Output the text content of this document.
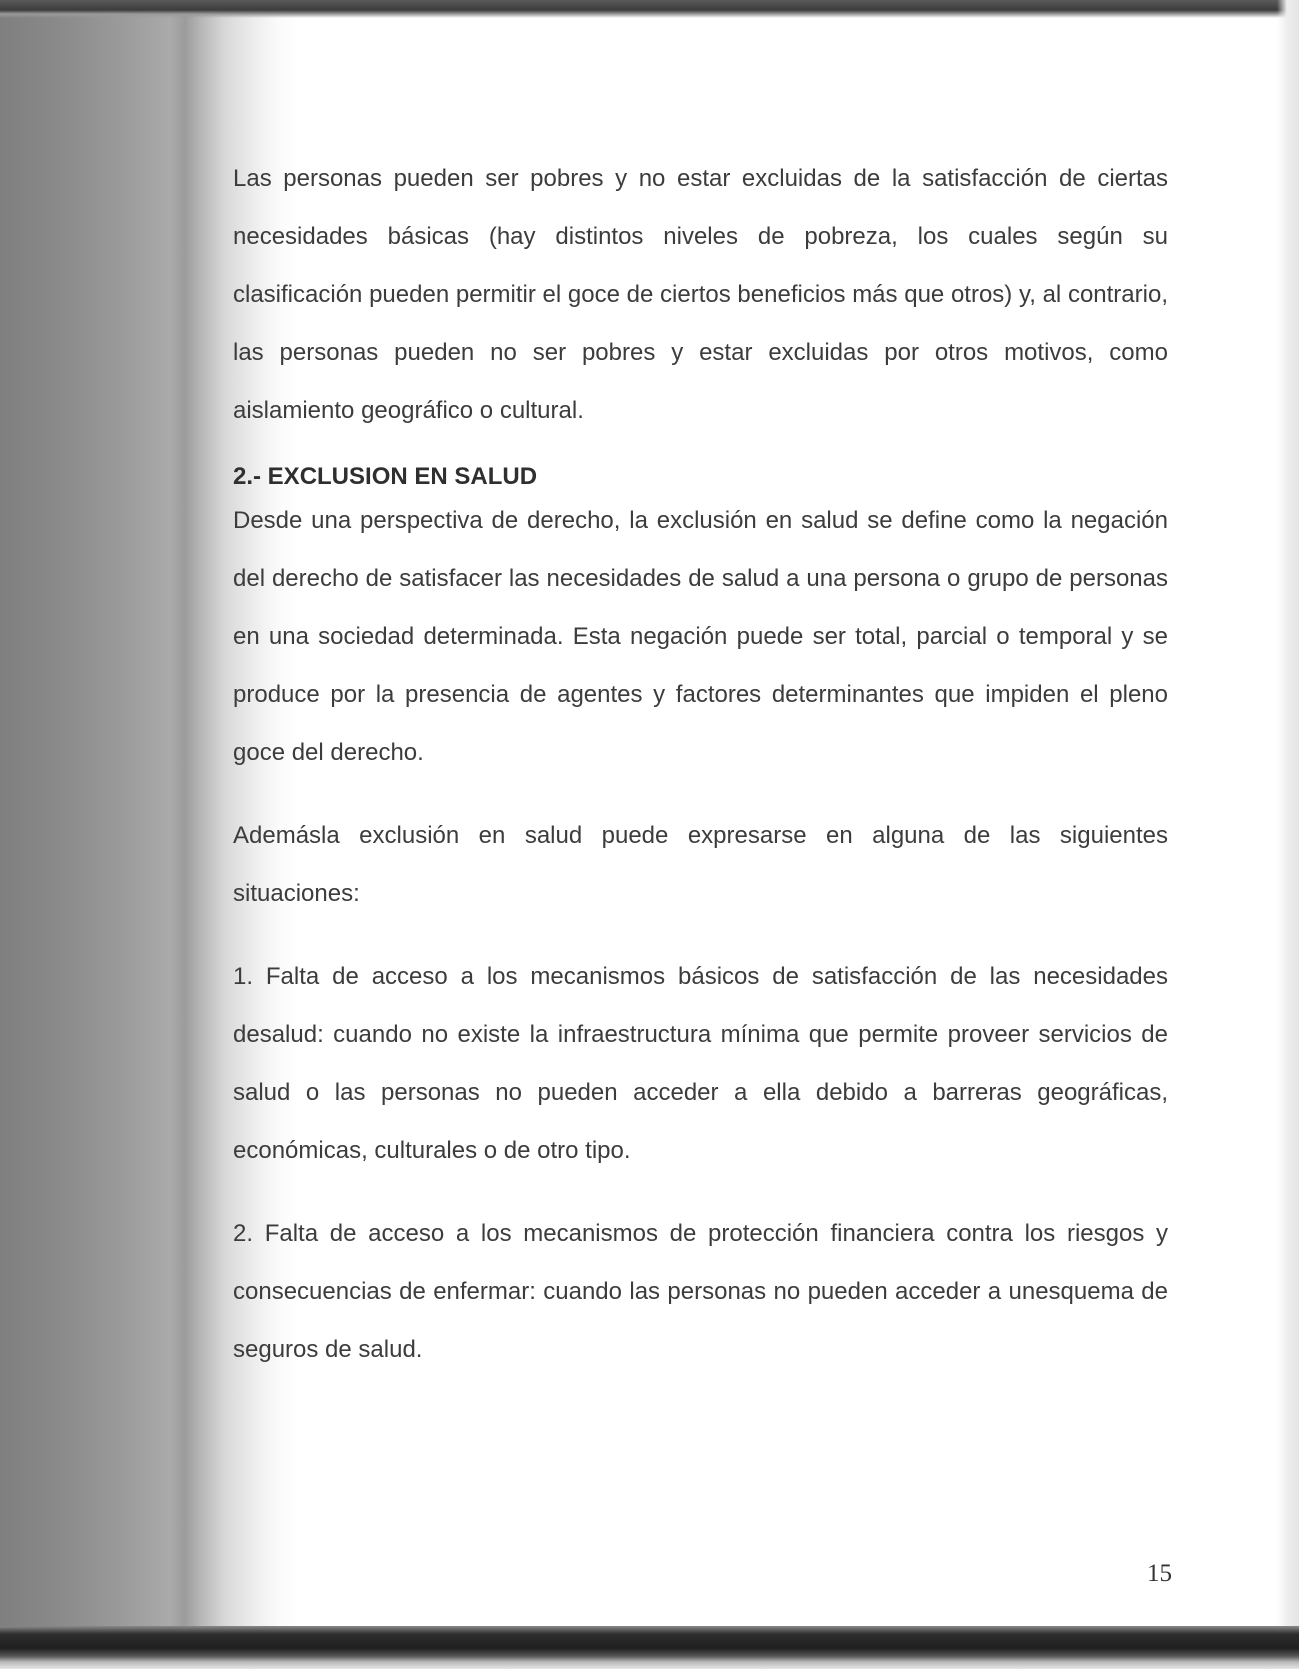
Las personas pueden ser pobres y no estar excluidas de la satisfacción de ciertas necesidades básicas (hay distintos niveles de pobreza, los cuales según su clasificación pueden permitir el goce de ciertos beneficios más que otros) y, al contrario, las personas pueden no ser pobres y estar excluidas por otros motivos, como aislamiento geográfico o cultural.

2.- EXCLUSION EN SALUD

Desde una perspectiva de derecho, la exclusión en salud se define como la negación del derecho de satisfacer las necesidades de salud a una persona o grupo de personas en una sociedad determinada. Esta negación puede ser total, parcial o temporal y se produce por la presencia de agentes y factores determinantes que impiden el pleno goce del derecho.

Ademásla exclusión en salud puede expresarse en alguna de las siguientes situaciones:

1. Falta de acceso a los mecanismos básicos de satisfacción de las necesidades desalud: cuando no existe la infraestructura mínima que permite proveer servicios de salud o las personas no pueden acceder a ella debido a barreras geográficas, económicas, culturales o de otro tipo.

2. Falta de acceso a los mecanismos de protección financiera contra los riesgos y consecuencias de enfermar: cuando las personas no pueden acceder a unesquema de seguros de salud.

15
